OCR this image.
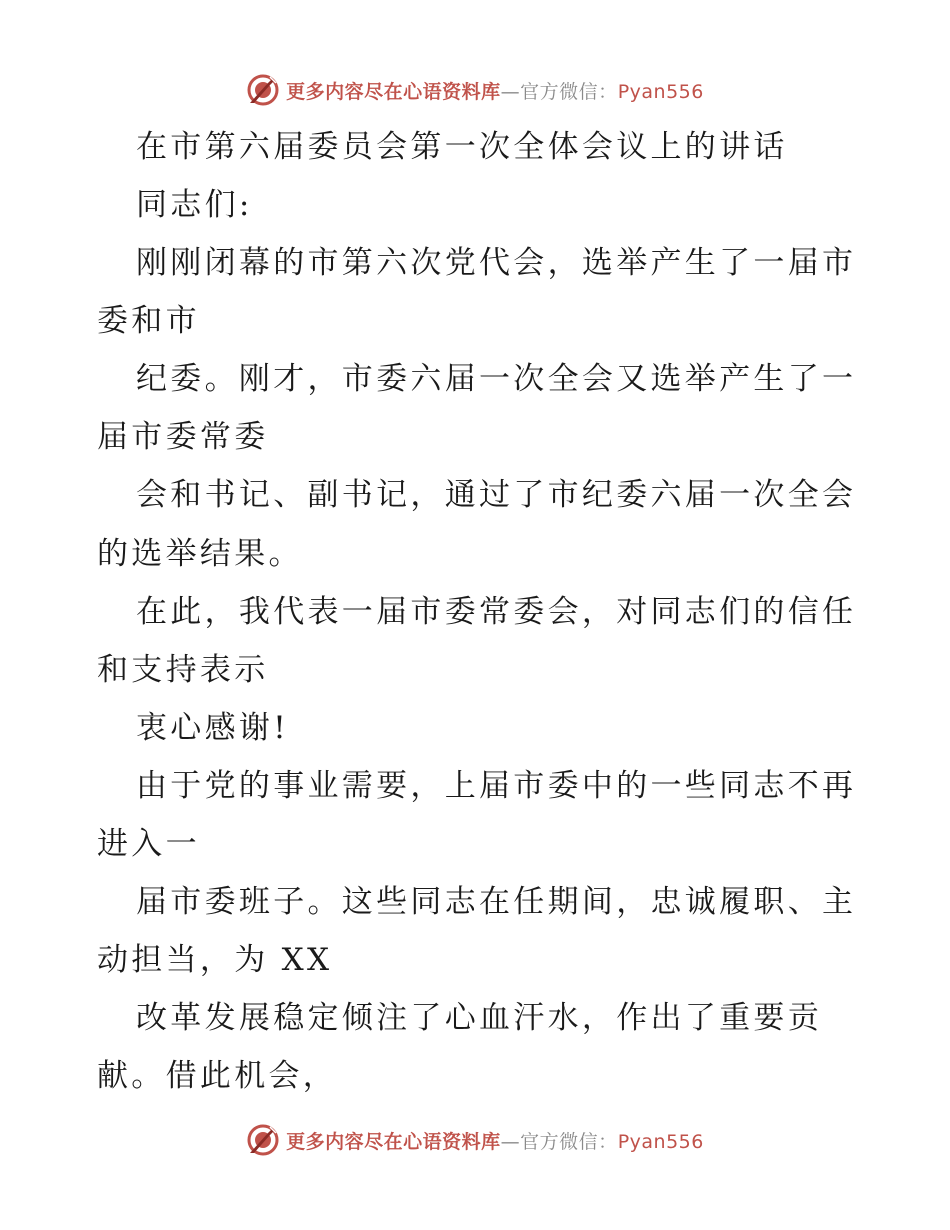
更多内容尽在心语资料库—官方微信：Pyan556
在市第六届委员会第一次全体会议上的讲话
同志们:
刚刚闭幕的市第六次党代会，选举产生了一届市
委和市
纪委。刚才，市委六届一次全会又选举产生了一
届市委常委
会和书记、副书记，通过了市纪委六届一次全会
的选举结果。
在此，我代表一届市委常委会，对同志们的信任
和支持表示
衷心感谢!
由于党的事业需要，上届市委中的一些同志不再
进入一
届市委班子。这些同志在任期间，忠诚履职、主
动担当，为 XX
改革发展稳定倾注了心血汗水，作出了重要贡
献。借此机会，
更多内容尽在心语资料库—官方微信：Pyan556
